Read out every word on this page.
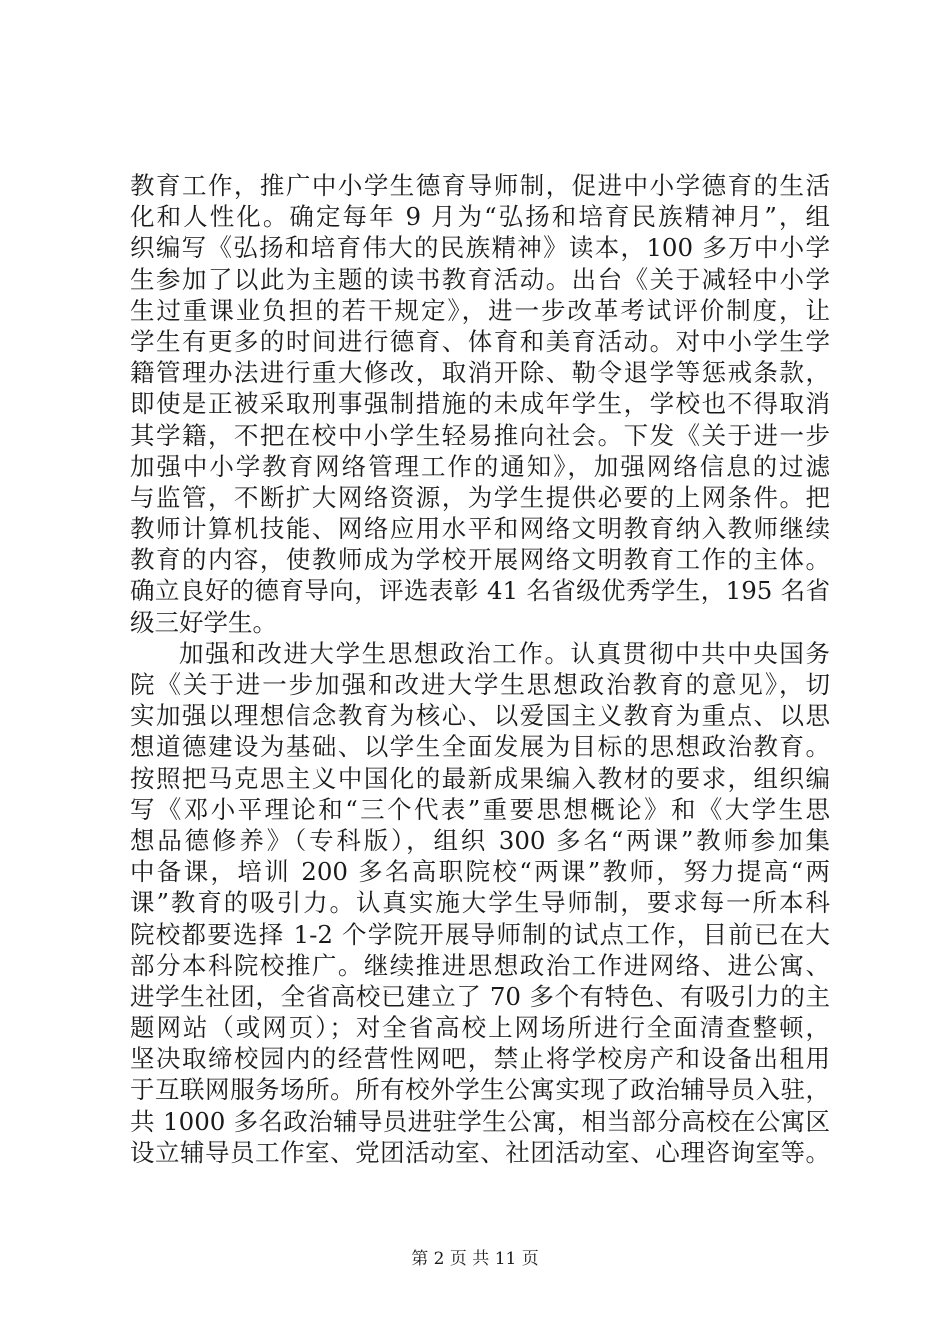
教育工作，推广中小学生德育导师制，促进中小学德育的生活
化和人性化。确定每年 9 月为“弘扬和培育民族精神月”，组
织编写《弘扬和培育伟大的民族精神》读本，100 多万中小学
生参加了以此为主题的读书教育活动。出台《关于减轻中小学
生过重课业负担的若干规定》，进一步改革考试评价制度，让
学生有更多的时间进行德育、体育和美育活动。对中小学生学
籍管理办法进行重大修改，取消开除、勒令退学等惩戒条款，
即使是正被采取刑事强制措施的未成年学生，学校也不得取消
其学籍，不把在校中小学生轻易推向社会。下发《关于进一步
加强中小学教育网络管理工作的通知》，加强网络信息的过滤
与监管，不断扩大网络资源，为学生提供必要的上网条件。把
教师计算机技能、网络应用水平和网络文明教育纳入教师继续
教育的内容，使教师成为学校开展网络文明教育工作的主体。
确立良好的德育导向，评选表彰 41 名省级优秀学生，195 名省
级三好学生。
加强和改进大学生思想政治工作。认真贯彻中共中央国务
院《关于进一步加强和改进大学生思想政治教育的意见》，切
实加强以理想信念教育为核心、以爱国主义教育为重点、以思
想道德建设为基础、以学生全面发展为目标的思想政治教育。
按照把马克思主义中国化的最新成果编入教材的要求，组织编
写《邓小平理论和“三个代表”重要思想概论》和《大学生思
想品德修养》（专科版），组织 300 多名“两课”教师参加集
中备课，培训 200 多名高职院校“两课”教师，努力提高“两
课”教育的吸引力。认真实施大学生导师制，要求每一所本科
院校都要选择 1-2 个学院开展导师制的试点工作，目前已在大
部分本科院校推广。继续推进思想政治工作进网络、进公寓、
进学生社团，全省高校已建立了 70 多个有特色、有吸引力的主
题网站（或网页）；对全省高校上网场所进行全面清查整顿，
坚决取缔校园内的经营性网吧，禁止将学校房产和设备出租用
于互联网服务场所。所有校外学生公寓实现了政治辅导员入驻，
共 1000 多名政治辅导员进驻学生公寓，相当部分高校在公寓区
设立辅导员工作室、党团活动室、社团活动室、心理咨询室等。
第 2 页 共 11 页
